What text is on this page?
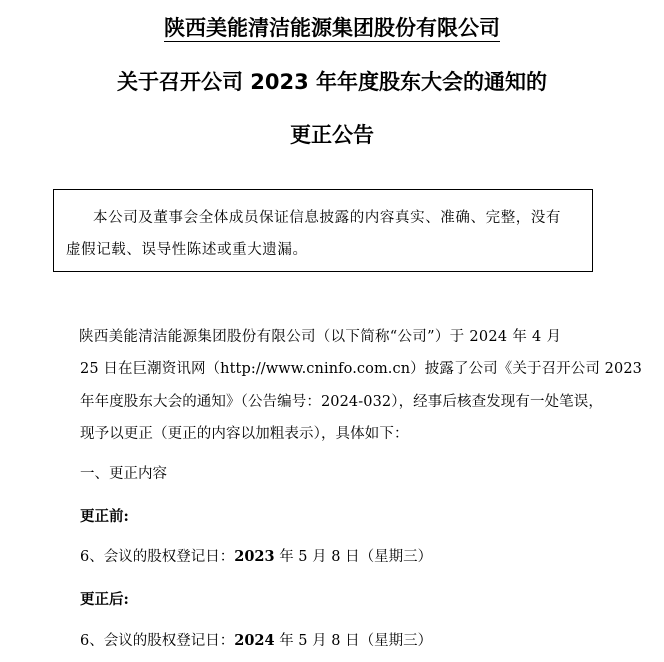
陕西美能清洁能源集团股份有限公司
关于召开公司 2023 年年度股东大会的通知的
更正公告
本公司及董事会全体成员保证信息披露的内容真实、准确、完整，没有
虚假记载、误导性陈述或重大遗漏。
陕西美能清洁能源集团股份有限公司（以下简称“公司”）于 2024 年 4 月
25 日在巨潮资讯网（http://www.cninfo.com.cn）披露了公司《关于召开公司 2023
年年度股东大会的通知》（公告编号：2024-032），经事后核查发现有一处笔误，
现予以更正（更正的内容以加粗表示），具体如下：
一、更正内容
更正前:
6、会议的股权登记日：2023 年 5 月 8 日（星期三）
更正后:
6、会议的股权登记日：2024 年 5 月 8 日（星期三）
